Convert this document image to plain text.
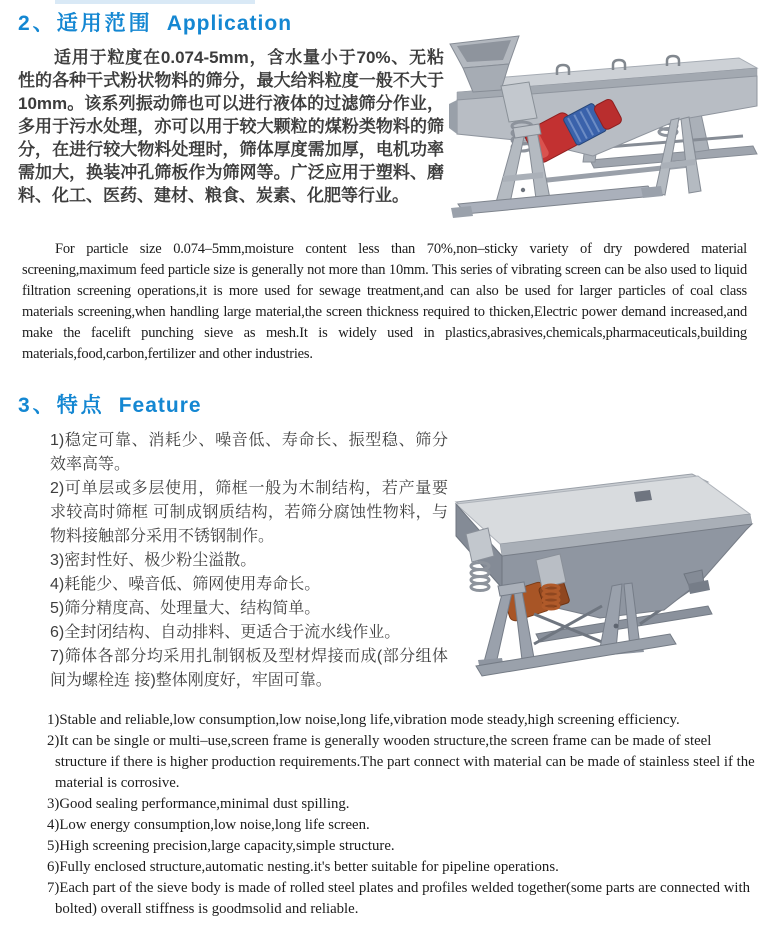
2、适用范围 Application
适用于粒度在0.074-5mm，含水量小于70%、无粘性的各种干式粉状物料的筛分，最大给料粒度一般不大于10mm。该系列振动筛也可以进行液体的过滤筛分作业，多用于污水处理，亦可以用于较大颗粒的煤粉类物料的筛分，在进行较大物料处理时，筛体厚度需加厚，电机功率需加大，换装冲孔筛板作为筛网等。广泛应用于塑料、磨料、化工、医药、建材、粮食、炭素、化肥等行业。
For particle size 0.074–5mm,moisture content less than 70%,non–sticky variety of dry powdered material screening,maximum feed particle size is generally not more than 10mm. This series of vibrating screen can be also used to liquid filtration screening operations,it is more used for sewage treatment,and can also be used for larger particles of coal class materials screening,when handling large material,the screen thickness required to thicken,Electric power demand increased,and make the facelift punching sieve as mesh.It is widely used in plastics,abrasives,chemicals,pharmaceuticals,building materials,food,carbon,fertilizer and other industries.
3、特点 Feature
1)稳定可靠、消耗少、噪音低、寿命长、振型稳、筛分效率高等。
2)可单层或多层使用，筛框一般为木制结构，若产量要求较高时筛框 可制成钢质结构，若筛分腐蚀性物料，与物料接触部分采用不锈钢制作。
3)密封性好、极少粉尘溢散。
4)耗能少、噪音低、筛网使用寿命长。
5)筛分精度高、处理量大、结构简单。
6)全封闭结构、自动排料、更适合于流水线作业。
7)筛体各部分均采用扎制钢板及型材焊接而成(部分组体间为螺栓连 接)整体刚度好，牢固可靠。
1)Stable and reliable,low consumption,low noise,long life,vibration mode steady,high screening efficiency.
2)It can be single or multi–use,screen frame is generally wooden structure,the screen frame can be made of steel structure if there is higher production requirements.The part connect with material can be made of stainless steel if the material is corrosive.
3)Good sealing performance,minimal dust spilling.
4)Low energy consumption,low noise,long life screen.
5)High screening precision,large capacity,simple structure.
6)Fully enclosed structure,automatic nesting.it's better suitable for pipeline operations.
7)Each part of the sieve body is made of rolled steel plates and profiles welded together(some parts are connected with bolted) overall stiffness is goodmsolid and reliable.
